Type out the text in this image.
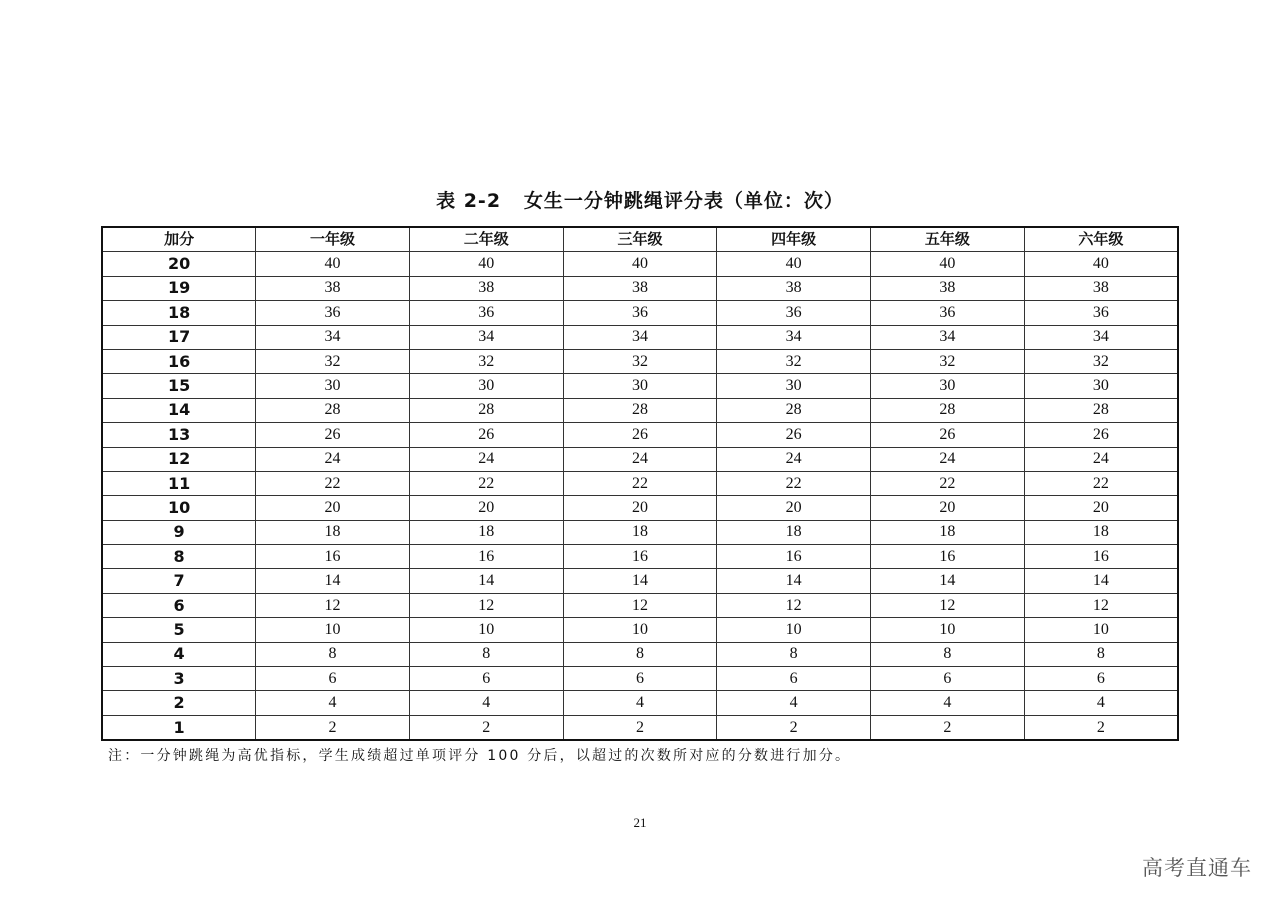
表 2-2   女生一分钟跳绳评分表（单位：次）
加分	一年级	二年级	三年级	四年级	五年级	六年级
20	40	40	40	40	40	40
19	38	38	38	38	38	38
18	36	36	36	36	36	36
17	34	34	34	34	34	34
16	32	32	32	32	32	32
15	30	30	30	30	30	30
14	28	28	28	28	28	28
13	26	26	26	26	26	26
12	24	24	24	24	24	24
11	22	22	22	22	22	22
10	20	20	20	20	20	20
9	18	18	18	18	18	18
8	16	16	16	16	16	16
7	14	14	14	14	14	14
6	12	12	12	12	12	12
5	10	10	10	10	10	10
4	8	8	8	8	8	8
3	6	6	6	6	6	6
2	4	4	4	4	4	4
1	2	2	2	2	2	2
注：一分钟跳绳为高优指标，学生成绩超过单项评分 100 分后，以超过的次数所对应的分数进行加分。
21
高考直通车
